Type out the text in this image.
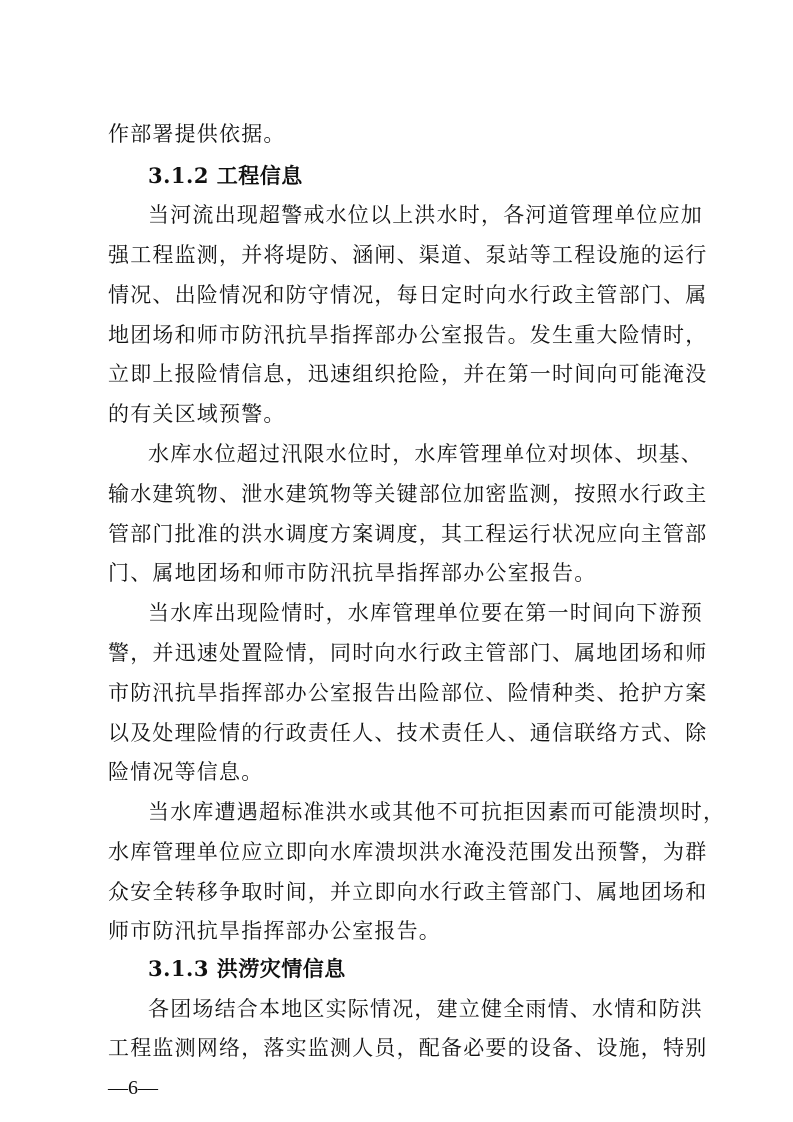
作部署提供依据。
3.1.2 工程信息
当河流出现超警戒水位以上洪水时，各河道管理单位应加
强工程监测，并将堤防、涵闸、渠道、泵站等工程设施的运行
情况、出险情况和防守情况，每日定时向水行政主管部门、属
地团场和师市防汛抗旱指挥部办公室报告。发生重大险情时，
立即上报险情信息，迅速组织抢险，并在第一时间向可能淹没
的有关区域预警。
水库水位超过汛限水位时，水库管理单位对坝体、坝基、
输水建筑物、泄水建筑物等关键部位加密监测，按照水行政主
管部门批准的洪水调度方案调度，其工程运行状况应向主管部
门、属地团场和师市防汛抗旱指挥部办公室报告。
当水库出现险情时，水库管理单位要在第一时间向下游预
警，并迅速处置险情，同时向水行政主管部门、属地团场和师
市防汛抗旱指挥部办公室报告出险部位、险情种类、抢护方案
以及处理险情的行政责任人、技术责任人、通信联络方式、除
险情况等信息。
当水库遭遇超标准洪水或其他不可抗拒因素而可能溃坝时，
水库管理单位应立即向水库溃坝洪水淹没范围发出预警，为群
众安全转移争取时间，并立即向水行政主管部门、属地团场和
师市防汛抗旱指挥部办公室报告。
3.1.3 洪涝灾情信息
各团场结合本地区实际情况，建立健全雨情、水情和防洪
工程监测网络，落实监测人员，配备必要的设备、设施，特别
—6—
